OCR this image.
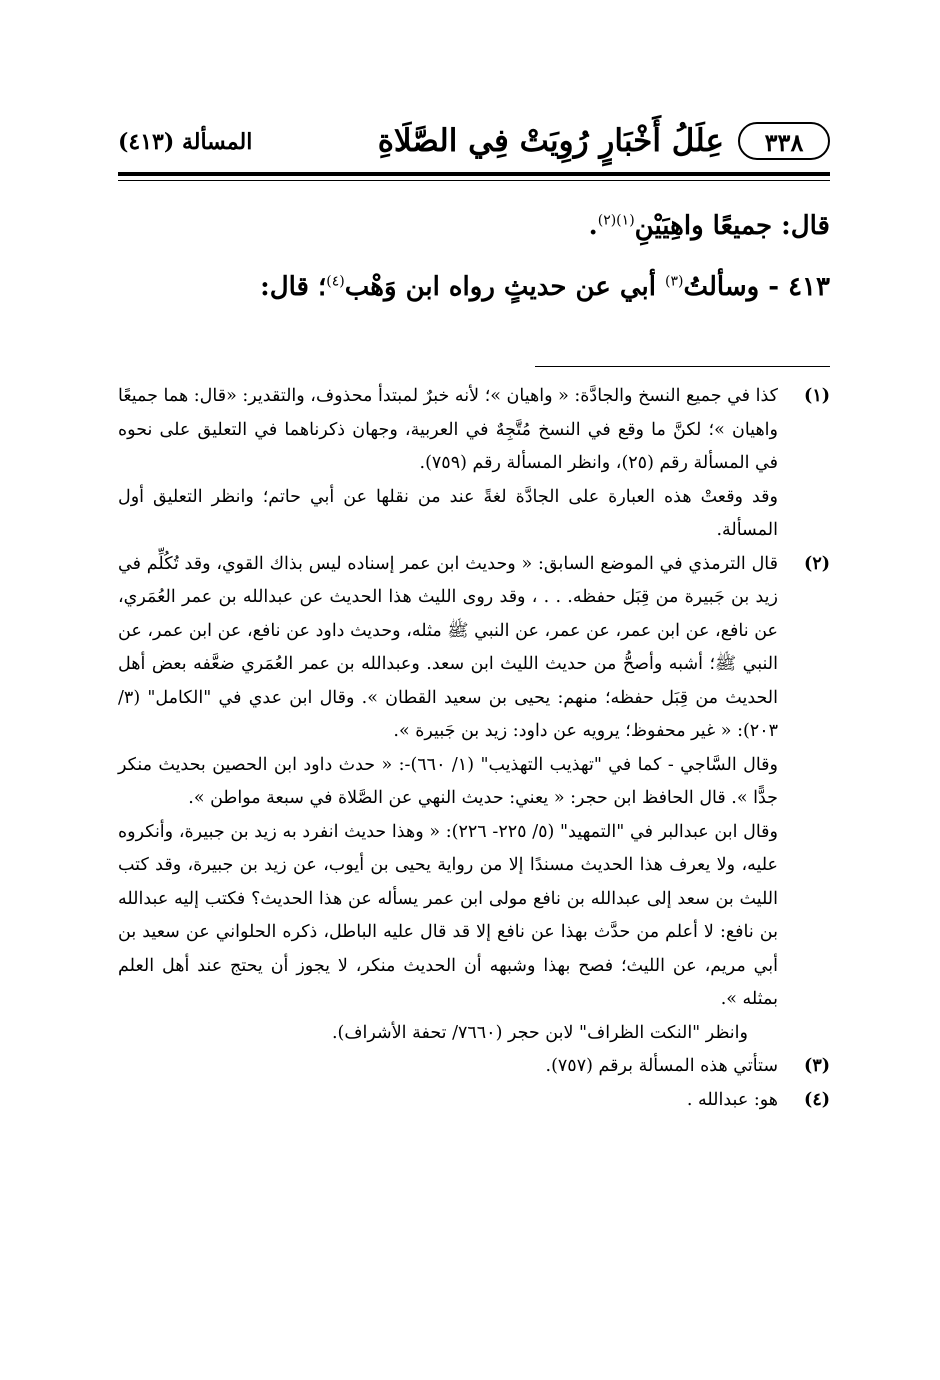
٣٣٨
عِلَلُ أَخْبَارٍ رُوِيَتْ فِي الصَّلَاةِ
المسألة (٤١٣)
قال: جميعًا واهِيَيْنِ$^{(١)(٢)}$.
٤١٣ - وسألتُ$^{(٣)}$ أبي عن حديثٍ رواه ابن وَهْب$^{(٤)}$؛ قال:
(١)

كذا في جميع النسخ والجادَّة: « واهيان »؛ لأنه خبرٌ لمبتدأ محذوف، والتقدير: «قال: هما جميعًا واهيان »؛ لكنَّ ما وقع في النسخ مُتَّجِهٌ في العربية، وجهان ذكرناهما في التعليق على نحوه في المسألة رقم (٢٥)، وانظر المسألة رقم (٧٥٩).

وقد وقعتْ هذه العبارة على الجادَّة لغةً عند من نقلها عن أبي حاتم؛ وانظر التعليق أول المسألة.

(٢)

قال الترمذي في الموضع السابق: « وحديث ابن عمر إسناده ليس بذاك القوي، وقد تُكُلِّم في زيد بن جَبيرة من قِبَل حفظه. . . ، وقد روى الليث هذا الحديث عن عبدالله بن عمر العُمَري، عن نافع، عن ابن عمر، عن عمر، عن النبي ﷺ مثله، وحديث داود عن نافع، عن ابن عمر، عن النبي ﷺ؛ أشبه وأصحُّ من حديث الليث ابن سعد. وعبدالله بن عمر العُمَري ضعَّفه بعض أهل الحديث من قِبَل حفظه؛ منهم: يحيى بن سعيد القطان ». وقال ابن عدي في "الكامل" (٣/ ٢٠٣): « غير محفوظ؛ يرويه عن داود: زيد بن جَبيرة ».

وقال السَّاجي - كما في "تهذيب التهذيب" (١/ ٦٦٠)-: « حدث داود ابن الحصين بحديث منكر جدًّا ». قال الحافظ ابن حجر: « يعني: حديث النهي عن الصَّلاة في سبعة مواطن ».

وقال ابن عبدالبر في "التمهيد" (٥/ ٢٢٥- ٢٢٦): « وهذا حديث انفرد به زيد بن جبيرة، وأنكروه عليه، ولا يعرف هذا الحديث مسندًا إلا من رواية يحيى بن أيوب، عن زيد بن جبيرة، وقد كتب الليث بن سعد إلى عبدالله بن نافع مولى ابن عمر يسأله عن هذا الحديث؟ فكتب إليه عبدالله بن نافع: لا أعلم من حدَّث بهذا عن نافع إلا قد قال عليه الباطل، ذكره الحلواني عن سعيد بن أبي مريم، عن الليث؛ فصح بهذا وشبهه أن الحديث منكر، لا يجوز أن يحتج عند أهل العلم بمثله ».

وانظر "النكت الظراف" لابن حجر (٧٦٦٠/ تحفة الأشراف).

(٣)

ستأتي هذه المسألة برقم (٧٥٧).

(٤)

هو: عبدالله .
